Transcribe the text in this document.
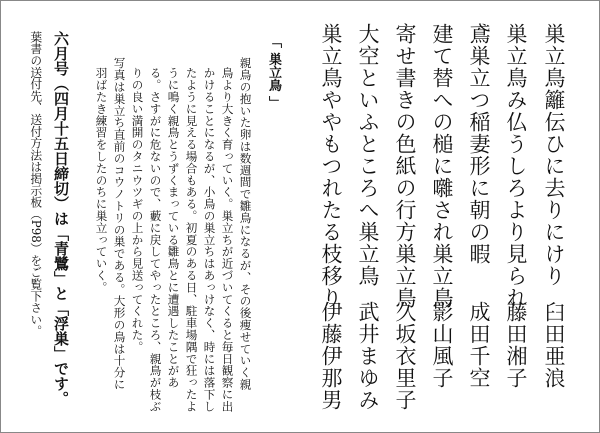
巣立鳥籬伝ひに去りにけり
巣立鳥み仏うしろより見られ
鳶巣立つ稲妻形に朝の暇
建て替への槌に囃され巣立鳥
寄せ書きの色紙の行方巣立鳥
大空といふところへ巣立鳥
巣立鳥ややもつれたる枝移り
臼田亜浪
藤田湘子
成田千空
影山風子
久坂衣里子
武井まゆみ
伊藤伊那男
「 巣立鳥 」
親鳥の抱いた卵は数週間で雛鳥になるが、その後痩せていく親
鳥より大きく育っていく。巣立ちが近づいてくると毎日観察に出
かけることになるが、小鳥の巣立ちはあっけなく、時には落下し
たように見える場合もある。初夏のある日、駐車場隅で狂ったよ
うに鳴く親鳥とうずくまっている雛鳥とに遭遇したことがあ
る。さすがに危ないので、藪に戻してやったところ、親鳥が枝ぶ
りの良い満開のタニウツギの上から見送ってくれた。
写真は巣立ち直前のコウノトリの巣である。大形の鳥は十分に
羽ばたき練習をしたのちに巣立っていく。
六月号（四月十五日締切）は「青鷺」と「浮巣」です。
葉書の送付先、送付方法は掲示板（P98）をご覧下さい。
